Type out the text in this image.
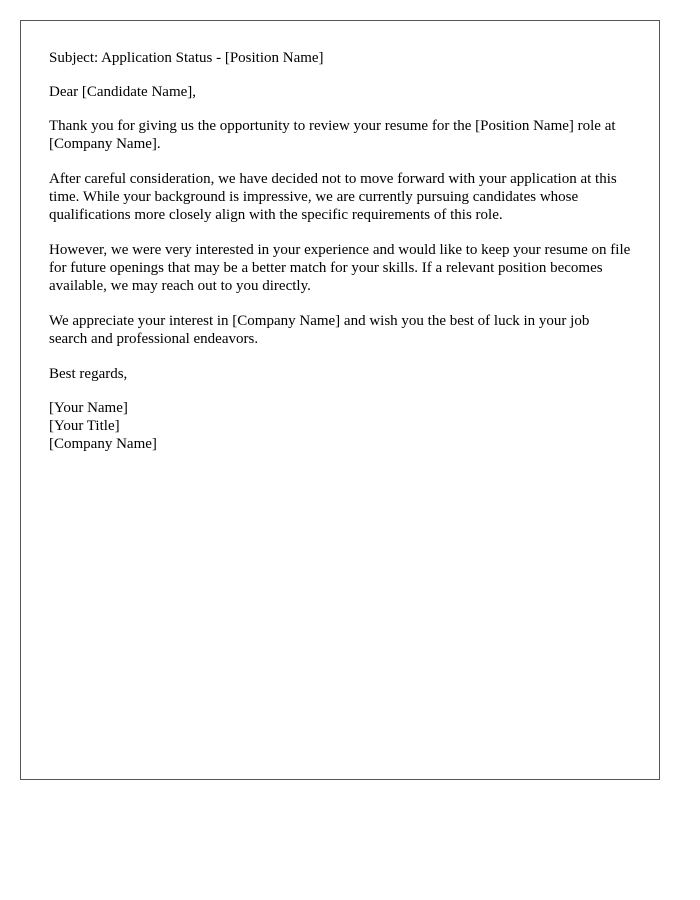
Subject: Application Status - [Position Name]

Dear [Candidate Name],

Thank you for giving us the opportunity to review your resume for the [Position Name] role at [Company Name].

After careful consideration, we have decided not to move forward with your application at this time. While your background is impressive, we are currently pursuing candidates whose qualifications more closely align with the specific requirements of this role.

However, we were very interested in your experience and would like to keep your resume on file for future openings that may be a better match for your skills. If a relevant position becomes available, we may reach out to you directly.

We appreciate your interest in [Company Name] and wish you the best of luck in your job search and professional endeavors.

Best regards,

[Your Name]
[Your Title]
[Company Name]
